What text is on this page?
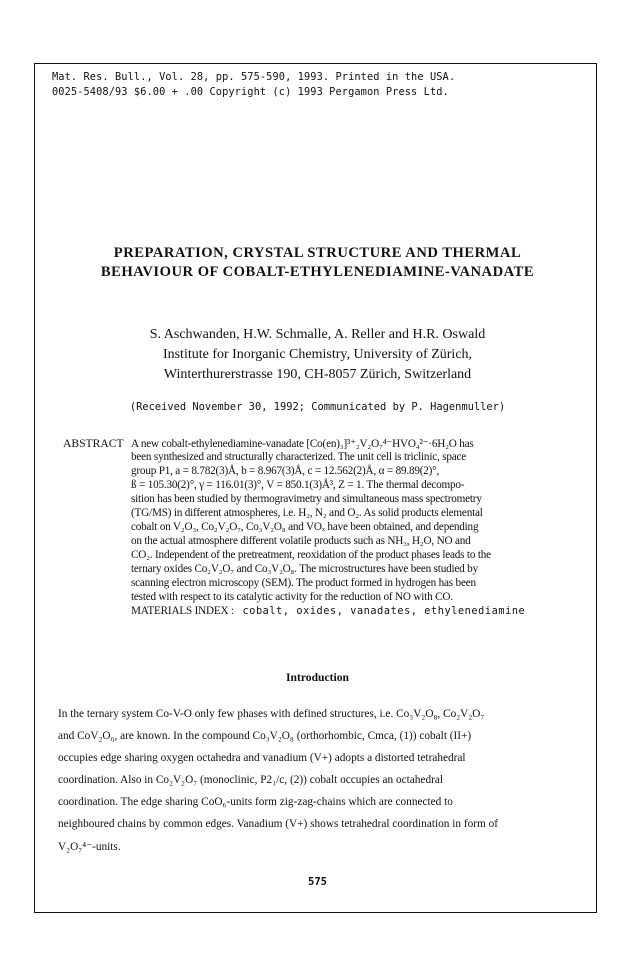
Mat. Res. Bull., Vol. 28, pp. 575-590, 1993. Printed in the USA.
0025-5408/93 $6.00 + .00 Copyright (c) 1993 Pergamon Press Ltd.
PREPARATION, CRYSTAL STRUCTURE AND THERMAL
BEHAVIOUR OF COBALT-ETHYLENEDIAMINE-VANADATE
S. Aschwanden, H.W. Schmalle, A. Reller and H.R. Oswald
Institute for Inorganic Chemistry, University of Zürich,
Winterthurerstrasse 190, CH-8057 Zürich, Switzerland
(Received November 30, 1992; Communicated by P. Hagenmuller)
ABSTRACT A new cobalt-ethylenediamine-vanadate [Co(en)₃]³⁺₂V₂O₇⁴⁻HVO₄²⁻·6H₂O has
been synthesized and structurally characterized. The unit cell is triclinic, space
group P1, a = 8.782(3)Å, b = 8.967(3)Å, c = 12.562(2)Å, α = 89.89(2)°,
ß = 105.30(2)°, γ = 116.01(3)°, V = 850.1(3)Å³, Z = 1. The thermal decompo-
sition has been studied by thermogravimetry and simultaneous mass spectrometry
(TG/MS) in different atmospheres, i.e. H₂, N₂ and O₂. As solid products elemental
cobalt on V₂O₃, Co₂V₂O₇, Co₃V₂O₈ and VOₓ have been obtained, and depending
on the actual atmosphere different volatile products such as NH₃, H₂O, NO and
CO₂. Independent of the pretreatment, reoxidation of the product phases leads to the
ternary oxides Co₂V₂O₇ and Co₃V₂O₈. The microstructures have been studied by
scanning electron microscopy (SEM). The product formed in hydrogen has been
tested with respect to its catalytic activity for the reduction of NO with CO.
MATERIALS INDEX : cobalt, oxides, vanadates, ethylenediamine
Introduction
In the ternary system Co-V-O only few phases with defined structures, i.e. Co₃V₂O₈, Co₂V₂O₇
and CoV₂O₆, are known. In the compound Co₃V₂O₈ (orthorhombic, Cmca, (1)) cobalt (II+)
occupies edge sharing oxygen octahedra and vanadium (V+) adopts a distorted tetrahedral
coordination. Also in Co₂V₂O₇ (monoclinic, P2₁/c, (2)) cobalt occupies an octahedral
coordination. The edge sharing CoO₆-units form zig-zag-chains which are connected to
neighboured chains by common edges. Vanadium (V+) shows tetrahedral coordination in form of
V₂O₇⁴⁻-units.
575
